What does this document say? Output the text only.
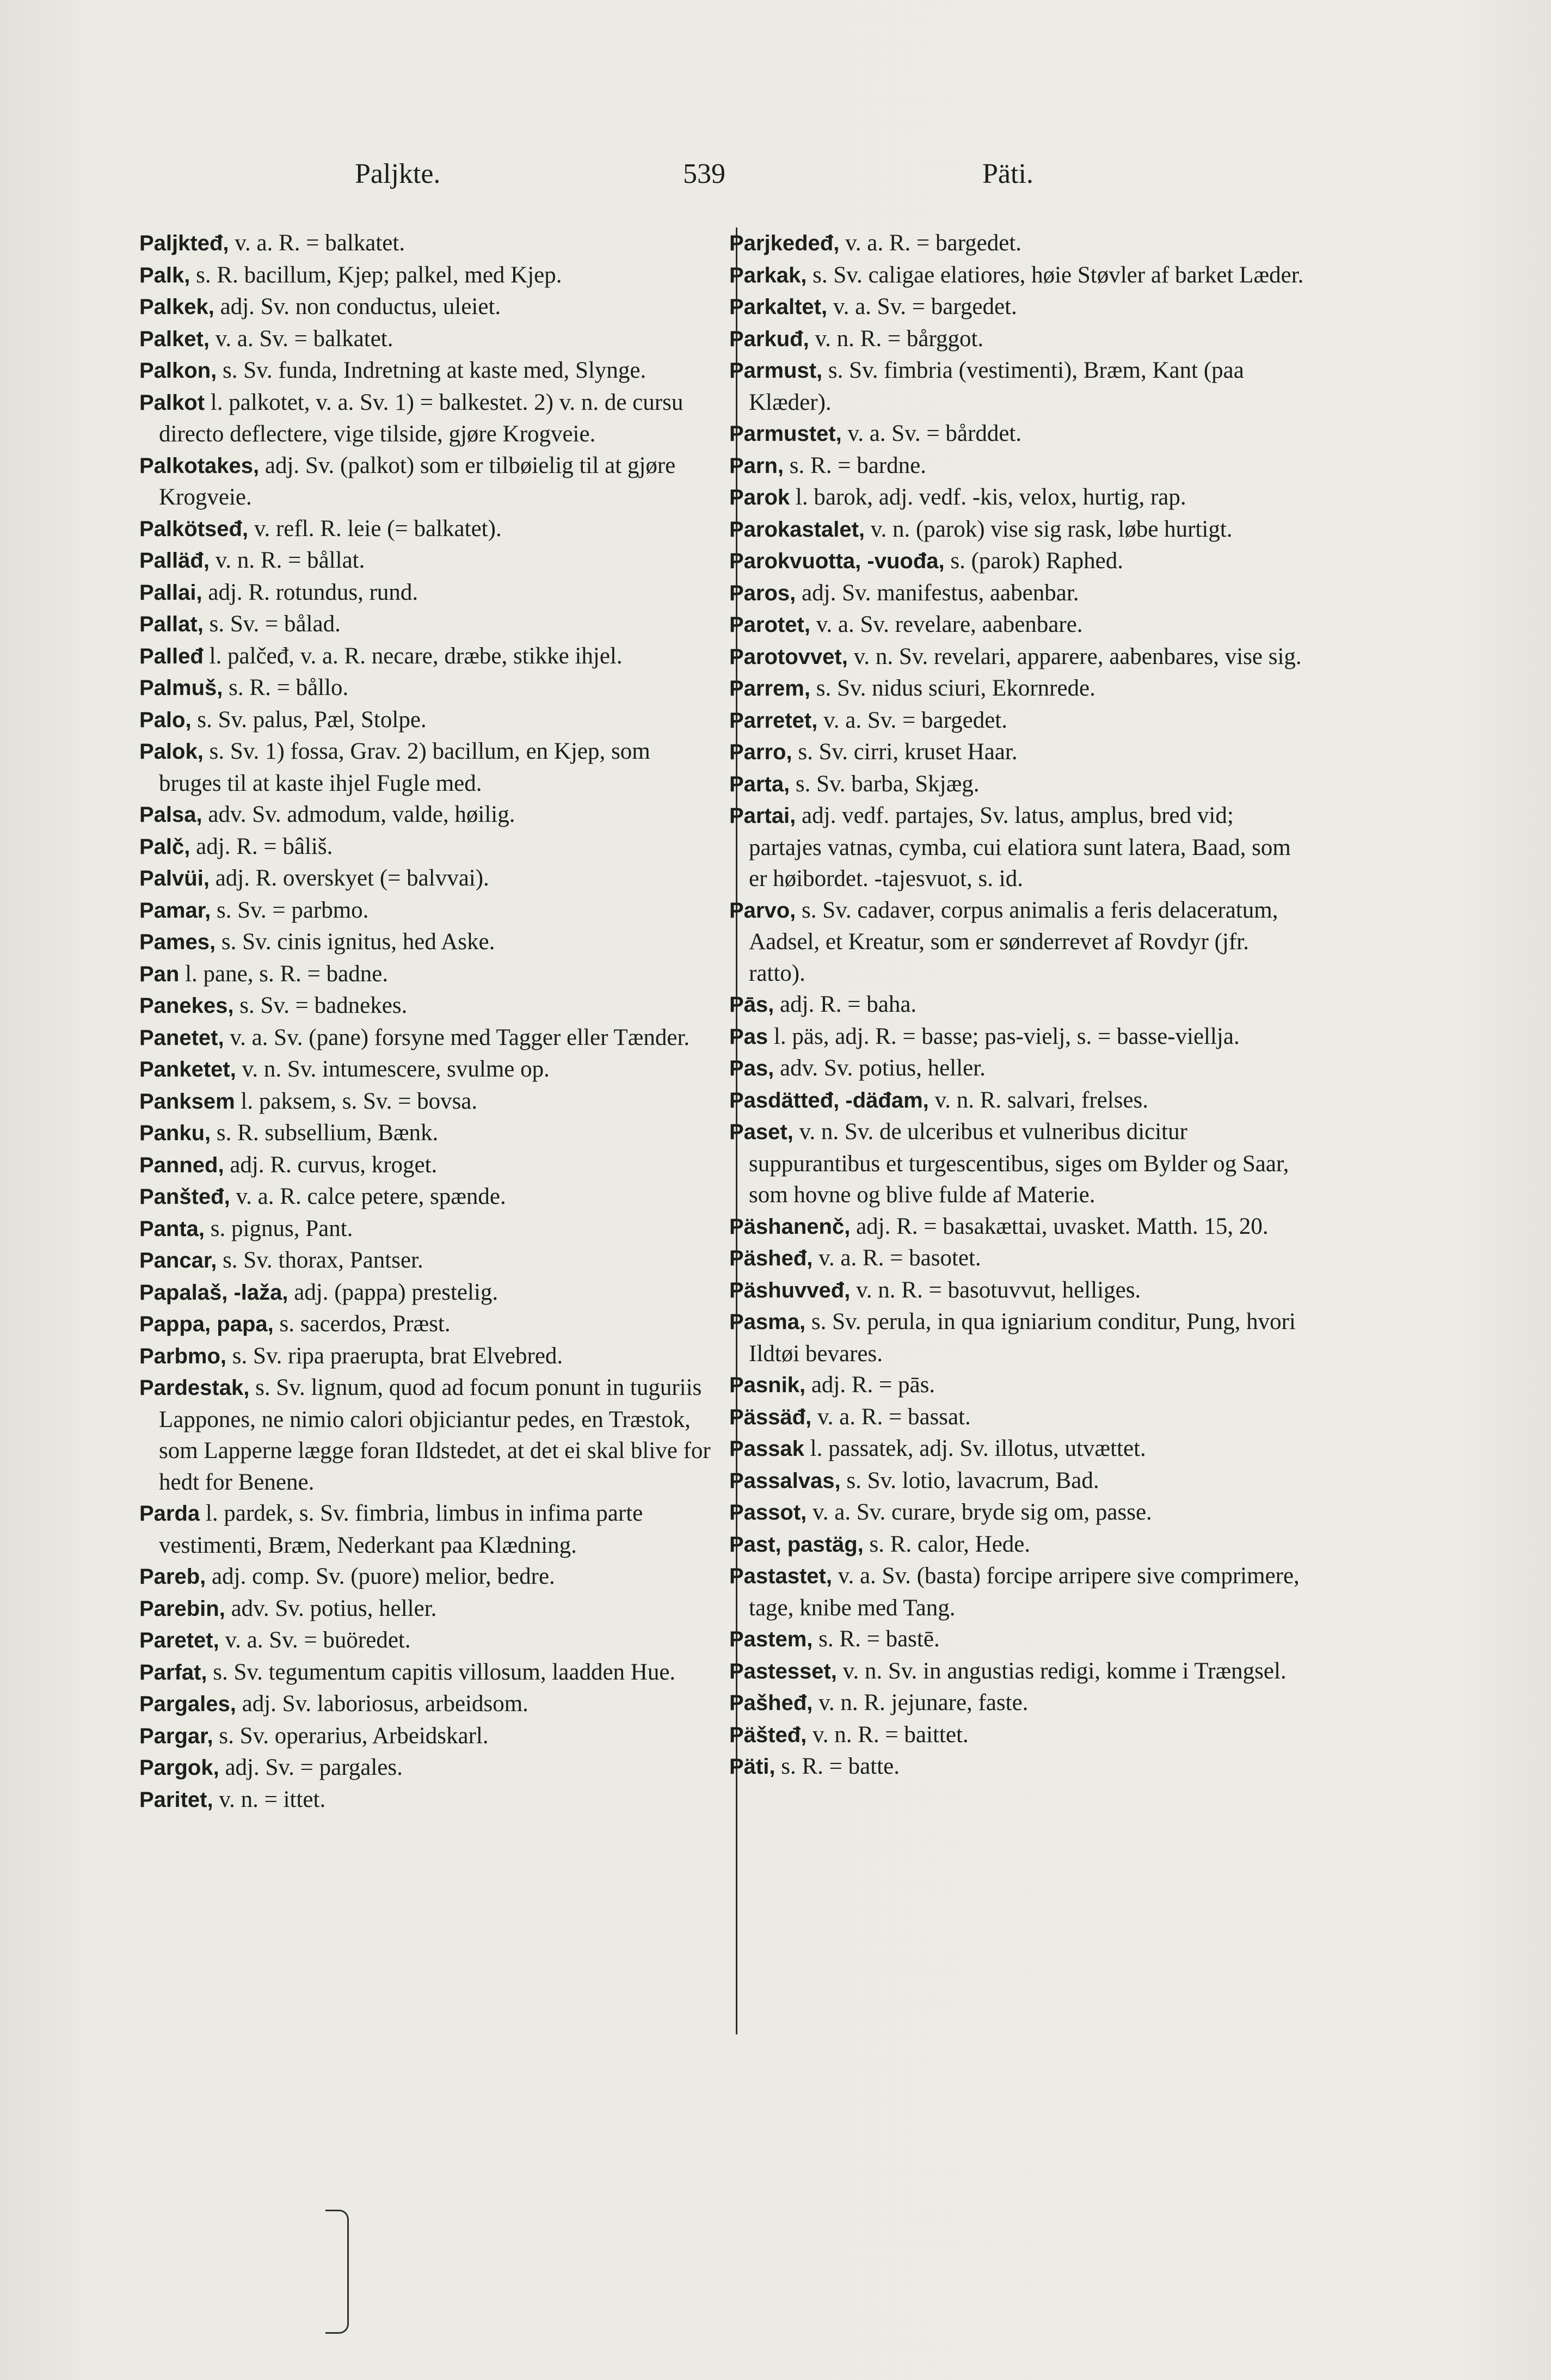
Paljkte.	539	Päti.

Paljkteđ, v. a. R. = balkatet.

Palk, s. R. bacillum, Kjep; palkel, med Kjep.

Palkek, adj. Sv. non conductus, uleiet.

Palket, v. a. Sv. = balkatet.

Palkon, s. Sv. funda, Indretning at kaste med, Slynge.

Palkot l. palkotet, v. a. Sv. 1) = balkestet. 2) v. n. de cursu directo deflectere, vige tilside, gjøre Krogveie.

Palkotakes, adj. Sv. (palkot) som er tilbøielig til at gjøre Krogveie.

Palkötseđ, v. refl. R. leie (= balkatet).

Palläđ, v. n. R. = bållat.

Pallai, adj. R. rotundus, rund.

Pallat, s. Sv. = bålad.

Palleđ l. palčeđ, v. a. R. necare, dræbe, stikke ihjel.

Palmuš, s. R. = bållo.

Palo, s. Sv. palus, Pæl, Stolpe.

Palok, s. Sv. 1) fossa, Grav. 2) bacillum, en Kjep, som bruges til at kaste ihjel Fugle med.

Palsa, adv. Sv. admodum, valde, høilig.

Palč, adj. R. = bâliš.

Palvüi, adj. R. overskyet (= balvvai).

Pamar, s. Sv. = parbmo.

Pames, s. Sv. cinis ignitus, hed Aske.

Pan l. pane, s. R. = badne.

Panekes, s. Sv. = badnekes.

Panetet, v. a. Sv. (pane) forsyne med Tagger eller Tænder.

Panketet, v. n. Sv. intumescere, svulme op.

Panksem l. paksem, s. Sv. = bovsa.

Panku, s. R. subsellium, Bænk.

Panned, adj. R. curvus, kroget.

Panšteđ, v. a. R. calce petere, spænde.

Panta, s. pignus, Pant.

Pancar, s. Sv. thorax, Pantser.

Papalaš, -laža, adj. (pappa) prestelig.

Pappa, papa, s. sacerdos, Præst.

Parbmo, s. Sv. ripa praerupta, brat Elvebred.

Pardestak, s. Sv. lignum, quod ad focum ponunt in tuguriis Lappones, ne nimio calori objiciantur pedes, en Træstok, som Lapperne lægge foran Ildstedet, at det ei skal blive for hedt for Benene.

Parda l. pardek, s. Sv. fimbria, limbus in infima parte vestimenti, Bræm, Nederkant paa Klædning.

Pareb, adj. comp. Sv. (puore) melior, bedre.

Parebin, adv. Sv. potius, heller.

Paretet, v. a. Sv. = buöredet.

Parfat, s. Sv. tegumentum capitis villosum, laadden Hue.

Pargales, adj. Sv. laboriosus, arbeidsom.

Pargar, s. Sv. operarius, Arbeidskarl.

Pargok, adj. Sv. = pargales.

Paritet, v. n. = ittet.

Parjkedeđ, v. a. R. = bargedet.

Parkak, s. Sv. caligae elatiores, høie Støvler af barket Læder.

Parkaltet, v. a. Sv. = bargedet.

Parkuđ, v. n. R. = bårggot.

Parmust, s. Sv. fimbria (vestimenti), Bræm, Kant (paa Klæder).

Parmustet, v. a. Sv. = bårddet.

Parn, s. R. = bardne.

Parok l. barok, adj. vedf. -kis, velox, hurtig, rap.

Parokastalet, v. n. (parok) vise sig rask, løbe hurtigt.

Parokvuotta, -vuođa, s. (parok) Raphed.

Paros, adj. Sv. manifestus, aabenbar.

Parotet, v. a. Sv. revelare, aabenbare.

Parotovvet, v. n. Sv. revelari, apparere, aabenbares, vise sig.

Parrem, s. Sv. nidus sciuri, Ekornrede.

Parretet, v. a. Sv. = bargedet.

Parro, s. Sv. cirri, kruset Haar.

Parta, s. Sv. barba, Skjæg.

Partai, adj. vedf. partajes, Sv. latus, amplus, bred vid; partajes vatnas, cymba, cui elatiora sunt latera, Baad, som er høibordet. -tajesvuot, s. id.

Parvo, s. Sv. cadaver, corpus animalis a feris delaceratum, Aadsel, et Kreatur, som er sønderrevet af Rovdyr (jfr. ratto).

Pās, adj. R. = baha.

Pas l. päs, adj. R. = basse; pas-vielj, s. = basse-viellja.

Pas, adv. Sv. potius, heller.

Pasdätteđ, -däđam, v. n. R. salvari, frelses.

Paset, v. n. Sv. de ulceribus et vulneribus dicitur suppurantibus et turgescentibus, siges om Bylder og Saar, som hovne og blive fulde af Materie.

Päshanenč, adj. R. = basakættai, uvasket. Matth. 15, 20.

Päsheđ, v. a. R. = basotet.

Päshuvveđ, v. n. R. = basotuvvut, helliges.

Pasma, s. Sv. perula, in qua igniarium conditur, Pung, hvori Ildtøi bevares.

Pasnik, adj. R. = pās.

Pässäđ, v. a. R. = bassat.

Passak l. passatek, adj. Sv. illotus, utvættet.

Passalvas, s. Sv. lotio, lavacrum, Bad.

Passot, v. a. Sv. curare, bryde sig om, passe.

Past, pastäg, s. R. calor, Hede.

Pastastet, v. a. Sv. (basta) forcipe arripere sive comprimere, tage, knibe med Tang.

Pastem, s. R. = bastē.

Pastesset, v. n. Sv. in angustias redigi, komme i Trængsel.

Pašheđ, v. n. R. jejunare, faste.

Päšteđ, v. n. R. = baittet.

Päti, s. R. = batte.
